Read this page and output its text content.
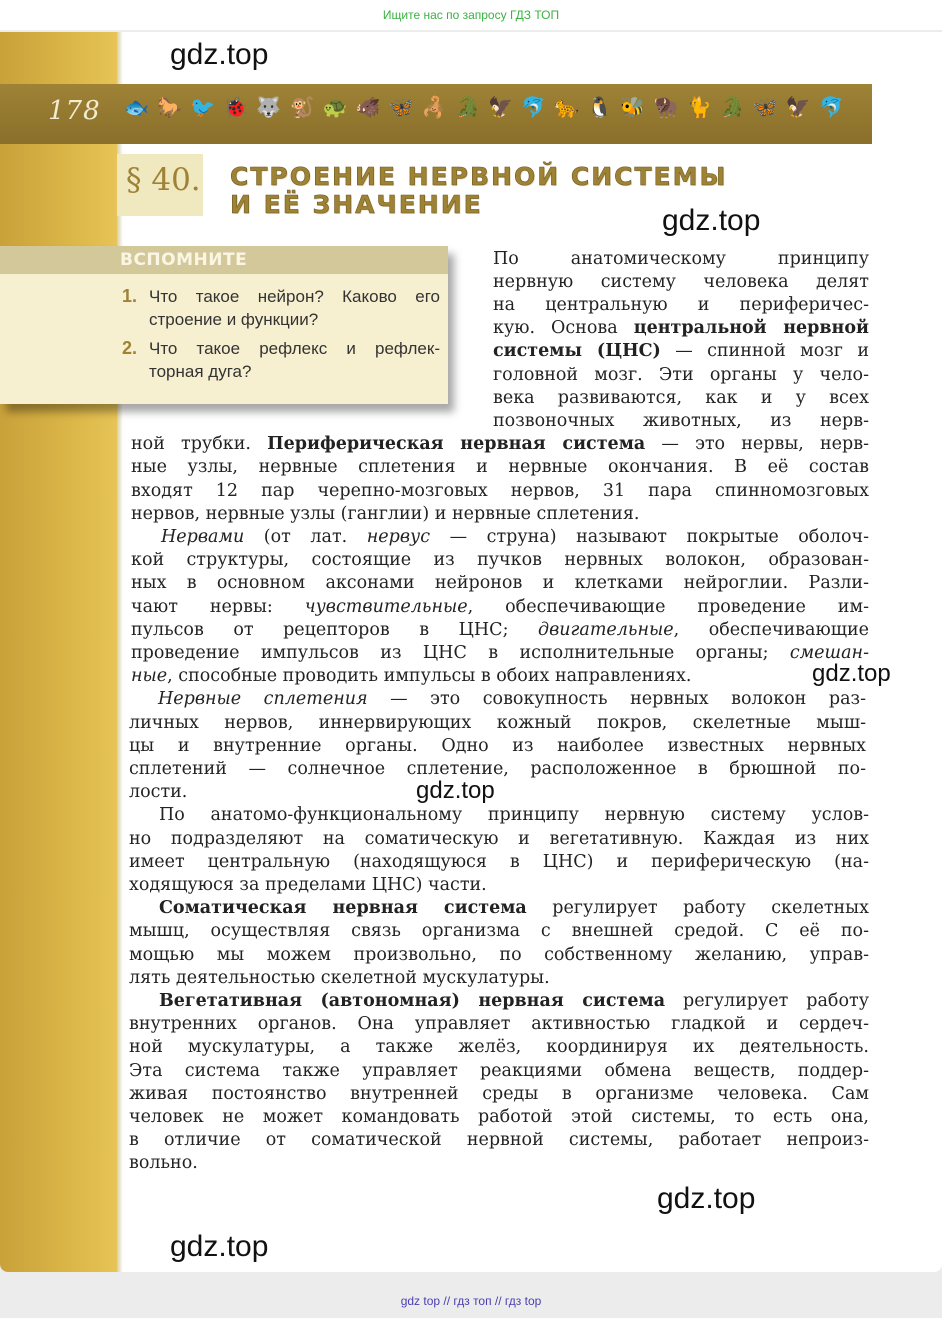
Ищите нас по запросу ГДЗ ТОП
178 🐟 🐎 🐦 🐞 🐺 🐒 🐢 🐗 🦋 🦂 🐊 🦅 🐬 🐆 🐧 🐝 🦬 🐈 🐊 🦋 🦅 🐬
gdz.top
gdz.top
gdz.top
gdz.top
gdz.top
gdz.top
§ 40. СТРОЕНИЕ НЕРВНОЙ СИСТЕМЫ
И ЕЁ ЗНАЧЕНИЕ
ВСПОМНИТЕ
1. Что такое нейрон? Каково его
строение и функции?
2. Что такое рефлекс и рефлек-
торная дуга?
По анатомическому принципу
нервную систему человека делят
на центральную и периферичес-
кую. Основа центральной нервной
системы (ЦНС) — спинной мозг и
головной мозг. Эти органы у чело-
века развиваются, как и у всех
позвоночных животных, из нерв-
ной трубки. Периферическая нервная система — это нервы, нерв-
ные узлы, нервные сплетения и нервные окончания. В её состав
входят 12 пар черепно-мозговых нервов, 31 пара спинномозговых
нервов, нервные узлы (ганглии) и нервные сплетения.
Нервами (от лат. нервус — струна) называют покрытые оболоч-
кой структуры, состоящие из пучков нервных волокон, образован-
ных в основном аксонами нейронов и клетками нейроглии. Разли-
чают нервы: чувствительные, обеспечивающие проведение им-
пульсов от рецепторов в ЦНС; двигательные, обеспечивающие
проведение импульсов из ЦНС в исполнительные органы; смешан-
ные, способные проводить импульсы в обоих направлениях.
Нервные сплетения — это совокупность нервных волокон раз-
личных нервов, иннервирующих кожный покров, скелетные мыш-
цы и внутренние органы. Одно из наиболее известных нервных
сплетений — солнечное сплетение, расположенное в брюшной по-
лости.
По анатомо-функциональному принципу нервную систему услов-
но подразделяют на соматическую и вегетативную. Каждая из них
имеет центральную (находящуюся в ЦНС) и периферическую (на-
ходящуюся за пределами ЦНС) части.
Соматическая нервная система регулирует работу скелетных
мышц, осуществляя связь организма с внешней средой. С её по-
мощью мы можем произвольно, по собственному желанию, управ-
лять деятельностью скелетной мускулатуры.
Вегетативная (автономная) нервная система регулирует работу
внутренних органов. Она управляет активностью гладкой и сердеч-
ной мускулатуры, а также желёз, координируя их деятельность.
Эта система также управляет реакциями обмена веществ, поддер-
живая постоянство внутренней среды в организме человека. Сам
человек не может командовать работой этой системы, то есть она,
в отличие от соматической нервной системы, работает непроиз-
вольно.
gdz top // гдз топ // гдз top
